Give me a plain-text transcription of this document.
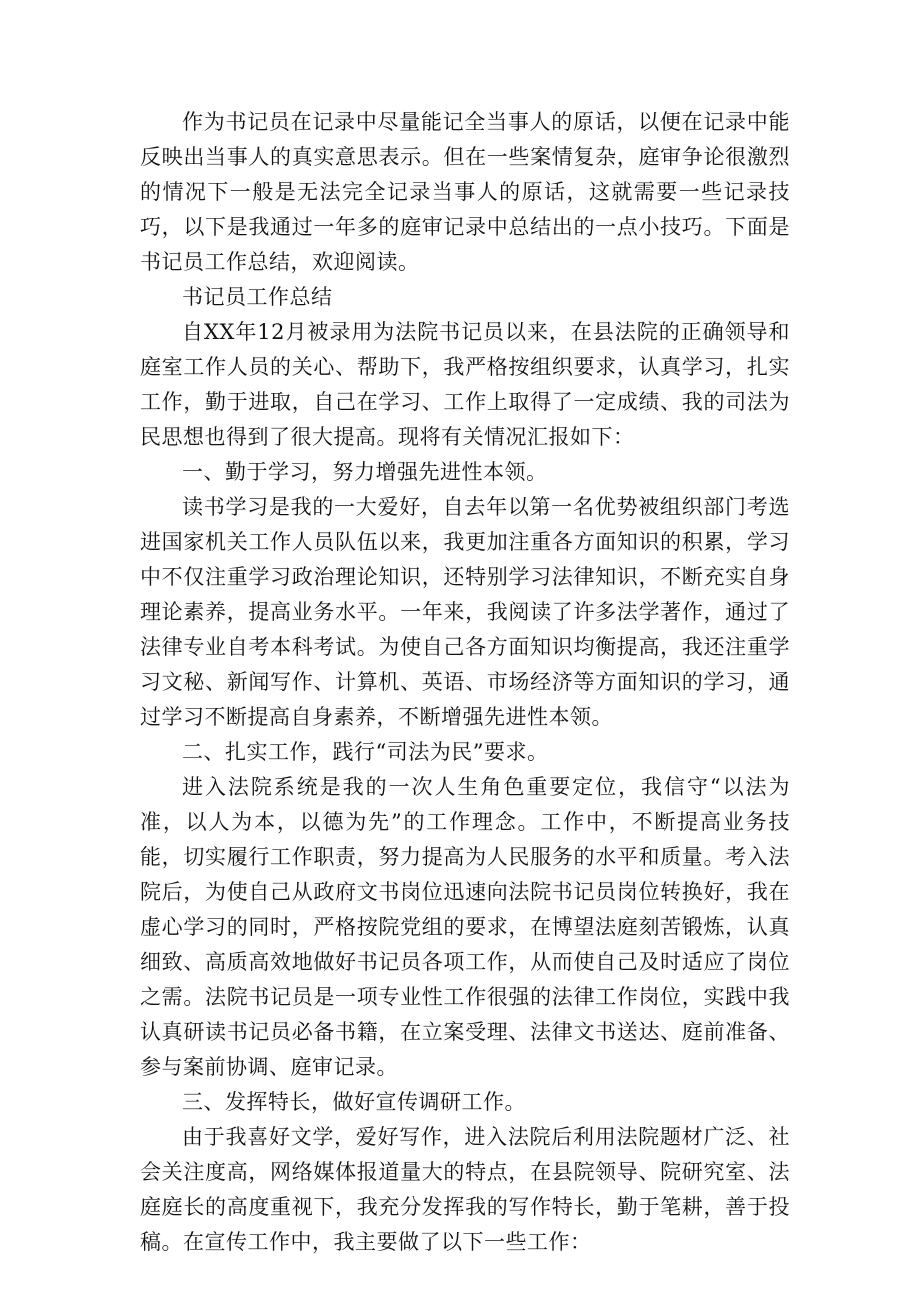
作为书记员在记录中尽量能记全当事人的原话，以便在记录中能反映出当事人的真实意思表示。但在一些案情复杂，庭审争论很激烈的情况下一般是无法完全记录当事人的原话，这就需要一些记录技巧，以下是我通过一年多的庭审记录中总结出的一点小技巧。下面是书记员工作总结，欢迎阅读。

书记员工作总结

自XX年12月被录用为法院书记员以来，在县法院的正确领导和庭室工作人员的关心、帮助下，我严格按组织要求，认真学习，扎实工作，勤于进取，自己在学习、工作上取得了一定成绩、我的司法为民思想也得到了很大提高。现将有关情况汇报如下：

一、勤于学习，努力增强先进性本领。

读书学习是我的一大爱好，自去年以第一名优势被组织部门考选进国家机关工作人员队伍以来，我更加注重各方面知识的积累，学习中不仅注重学习政治理论知识，还特别学习法律知识，不断充实自身理论素养，提高业务水平。一年来，我阅读了许多法学著作，通过了法律专业自考本科考试。为使自己各方面知识均衡提高，我还注重学习文秘、新闻写作、计算机、英语、市场经济等方面知识的学习，通过学习不断提高自身素养，不断增强先进性本领。

二、扎实工作，践行“司法为民”要求。

进入法院系统是我的一次人生角色重要定位，我信守“以法为准，以人为本，以德为先”的工作理念。工作中，不断提高业务技能，切实履行工作职责，努力提高为人民服务的水平和质量。考入法院后，为使自己从政府文书岗位迅速向法院书记员岗位转换好，我在虚心学习的同时，严格按院党组的要求，在博望法庭刻苦锻炼，认真细致、高质高效地做好书记员各项工作，从而使自己及时适应了岗位之需。法院书记员是一项专业性工作很强的法律工作岗位，实践中我认真研读书记员必备书籍，在立案受理、法律文书送达、庭前准备、参与案前协调、庭审记录。

三、发挥特长，做好宣传调研工作。

由于我喜好文学，爱好写作，进入法院后利用法院题材广泛、社会关注度高，网络媒体报道量大的特点，在县院领导、院研究室、法庭庭长的高度重视下，我充分发挥我的写作特长，勤于笔耕，善于投稿。在宣传工作中，我主要做了以下一些工作：
